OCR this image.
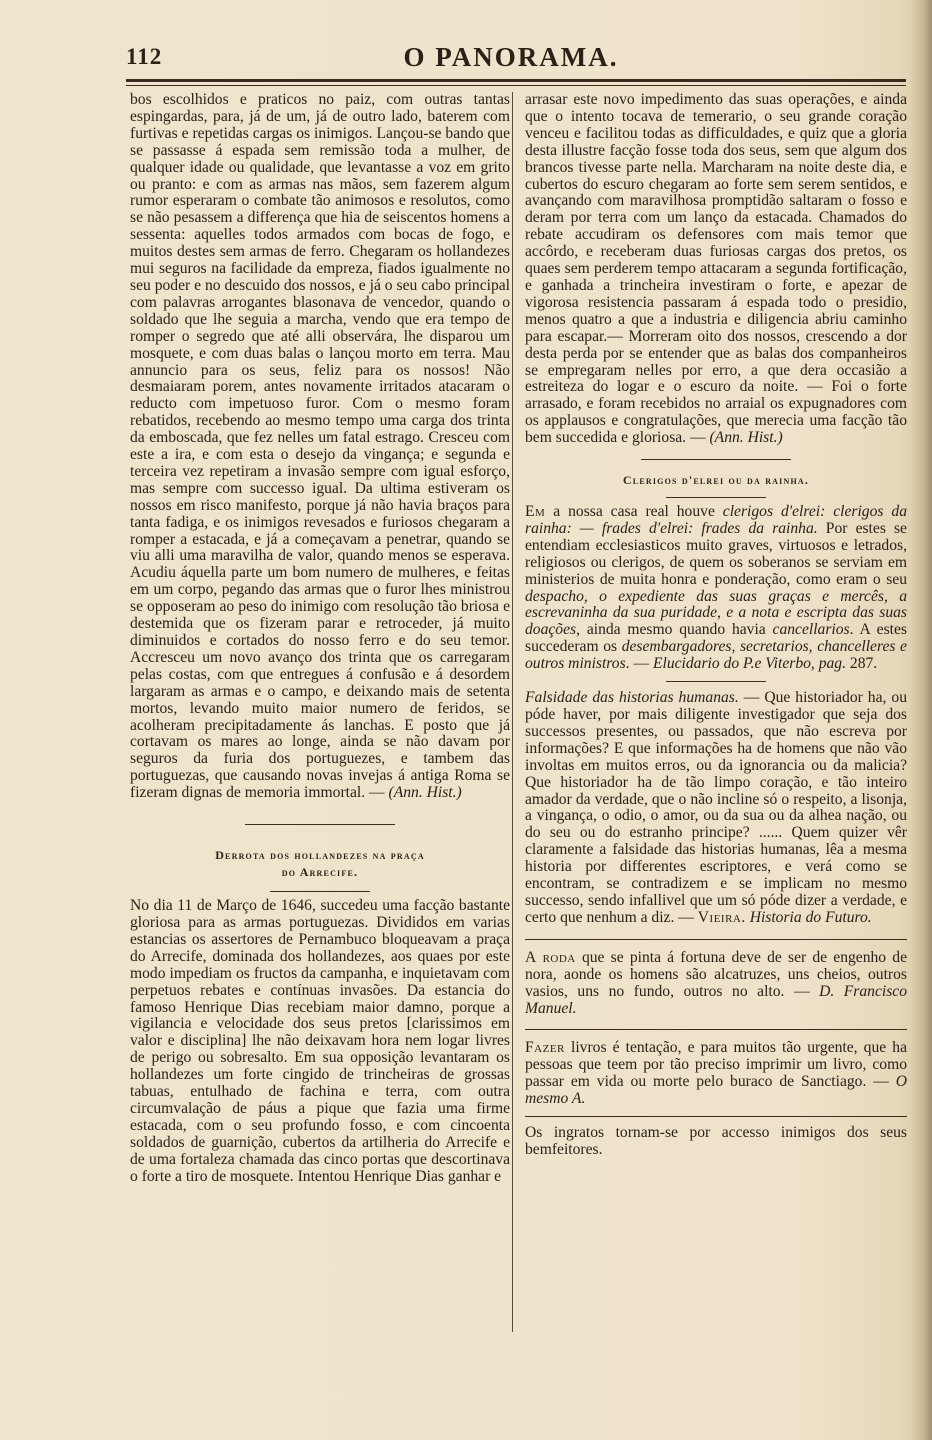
112	O PANORAMA.

bos escolhidos e praticos no paiz, com outras tantas espingardas, para, já de um, já de outro lado, baterem com furtivas e repetidas cargas os inimigos. Lançou-se bando que se passasse á espada sem remissão toda a mulher, de qualquer idade ou qualidade, que levantasse a voz em grito ou pranto: e com as armas nas mãos, sem fazerem algum rumor esperaram o combate tão animosos e resolutos, como se não pesassem a differença que hia de seiscentos homens a sessenta: aquelles todos armados com bocas de fogo, e muitos destes sem armas de ferro. Chegaram os hollandezes mui seguros na facilidade da empreza, fiados igualmente no seu poder e no descuido dos nossos, e já o seu cabo principal com palavras arrogantes blasonava de vencedor, quando o soldado que lhe seguia a marcha, vendo que era tempo de romper o segredo que até alli observára, lhe disparou um mosquete, e com duas balas o lançou morto em terra. Mau annuncio para os seus, feliz para os nossos! Não desmaiaram porem, antes novamente irritados atacaram o reducto com impetuoso furor. Com o mesmo foram rebatidos, recebendo ao mesmo tempo uma carga dos trinta da emboscada, que fez nelles um fatal estrago. Cresceu com este a ira, e com esta o desejo da vingança; e segunda e terceira vez repetiram a invasão sempre com igual esforço, mas sempre com successo igual. Da ultima estiveram os nossos em risco manifesto, porque já não havia braços para tanta fadiga, e os inimigos revesados e furiosos chegaram a romper a estacada, e já a começavam a penetrar, quando se viu alli uma maravilha de valor, quando menos se esperava. Acudiu áquella parte um bom numero de mulheres, e feitas em um corpo, pegando das armas que o furor lhes ministrou se opposeram ao peso do inimigo com resolução tão briosa e destemida que os fizeram parar e retroceder, já muito diminuidos e cortados do nosso ferro e do seu temor. Accresceu um novo avanço dos trinta que os carregaram pelas costas, com que entregues á confusão e á desordem largaram as armas e o campo, e deixando mais de setenta mortos, levando muito maior numero de feridos, se acolheram precipitadamente ás lanchas. E posto que já cortavam os mares ao longe, ainda se não davam por seguros da furia dos portuguezes, e tambem das portuguezas, que causando novas invejas á antiga Roma se fizeram dignas de memoria immortal. — (Ann. Hist.)

Derrota dos hollandezes na praça

do Arrecife.

No dia 11 de Março de 1646, succedeu uma facção bastante gloriosa para as armas portuguezas. Divididos em varias estancias os assertores de Pernambuco bloqueavam a praça do Arrecife, dominada dos hollandezes, aos quaes por este modo impediam os fructos da campanha, e inquietavam com perpetuos rebates e contínuas invasões. Da estancia do famoso Henrique Dias recebiam maior damno, porque a vigilancia e velocidade dos seus pretos [clarissimos em valor e disciplina] lhe não deixavam hora nem logar livres de perigo ou sobresalto. Em sua opposição levantaram os hollandezes um forte cingido de trincheiras de grossas tabuas, entulhado de fachina e terra, com outra circumvalação de páus a pique que fazia uma firme estacada, com o seu profundo fosso, e com cincoenta soldados de guarnição, cubertos da artilheria do Arrecife e de uma fortaleza chamada das cinco portas que descortinava o forte a tiro de mosquete. Intentou Henrique Dias ganhar e

arrasar este novo impedimento das suas operações, e ainda que o intento tocava de temerario, o seu grande coração venceu e facilitou todas as difficuldades, e quiz que a gloria desta illustre facção fosse toda dos seus, sem que algum dos brancos tivesse parte nella. Marcharam na noite deste dia, e cubertos do escuro chegaram ao forte sem serem sentidos, e avançando com maravilhosa promptidão saltaram o fosso e deram por terra com um lanço da estacada. Chamados do rebate accudiram os defensores com mais temor que accôrdo, e receberam duas furiosas cargas dos pretos, os quaes sem perderem tempo attacaram a segunda fortificação, e ganhada a trincheira investiram o forte, e apezar de vigorosa resistencia passaram á espada todo o presidio, menos quatro a que a industria e diligencia abriu caminho para escapar.— Morreram oito dos nossos, crescendo a dor desta perda por se entender que as balas dos companheiros se empregaram nelles por erro, a que dera occasião a estreiteza do logar e o escuro da noite. — Foi o forte arrasado, e foram recebidos no arraial os expugnadores com os applausos e congratulações, que merecia uma facção tão bem succedida e gloriosa. — (Ann. Hist.)

Clerigos d'elrei ou da rainha.

Em a nossa casa real houve clerigos d'elrei: clerigos da rainha: — frades d'elrei: frades da rainha. Por estes se entendiam ecclesiasticos muito graves, virtuosos e letrados, religiosos ou clerigos, de quem os soberanos se serviam em ministerios de muita honra e ponderação, como eram o seu despacho, o expediente das suas graças e mercês, a escrevaninha da sua puridade, e a nota e escripta das suas doações, ainda mesmo quando havia cancellarios. A estes succederam os desembargadores, secretarios, chancelleres e outros ministros. — Elucidario do P.e Viterbo, pag. 287.

Falsidade das historias humanas. — Que historiador ha, ou póde haver, por mais diligente investigador que seja dos successos presentes, ou passados, que não escreva por informações? E que informações ha de homens que não vão involtas em muitos erros, ou da ignorancia ou da malicia? Que historiador ha de tão limpo coração, e tão inteiro amador da verdade, que o não incline só o respeito, a lisonja, a vingança, o odio, o amor, ou da sua ou da alhea nação, ou do seu ou do estranho principe? ...... Quem quizer vêr claramente a falsidade das historias humanas, lêa a mesma historia por differentes escriptores, e verá como se encontram, se contradizem e se implicam no mesmo successo, sendo infallivel que um só póde dizer a verdade, e certo que nenhum a diz. — Vieira. Historia do Futuro.

A roda que se pinta á fortuna deve de ser de engenho de nora, aonde os homens são alcatruzes, uns cheios, outros vasios, uns no fundo, outros no alto. — D. Francisco Manuel.

Fazer livros é tentação, e para muitos tão urgente, que ha pessoas que teem por tão preciso imprimir um livro, como passar em vida ou morte pelo buraco de Sanctiago. — O mesmo A.

Os ingratos tornam-se por accesso inimigos dos seus bemfeitores.
